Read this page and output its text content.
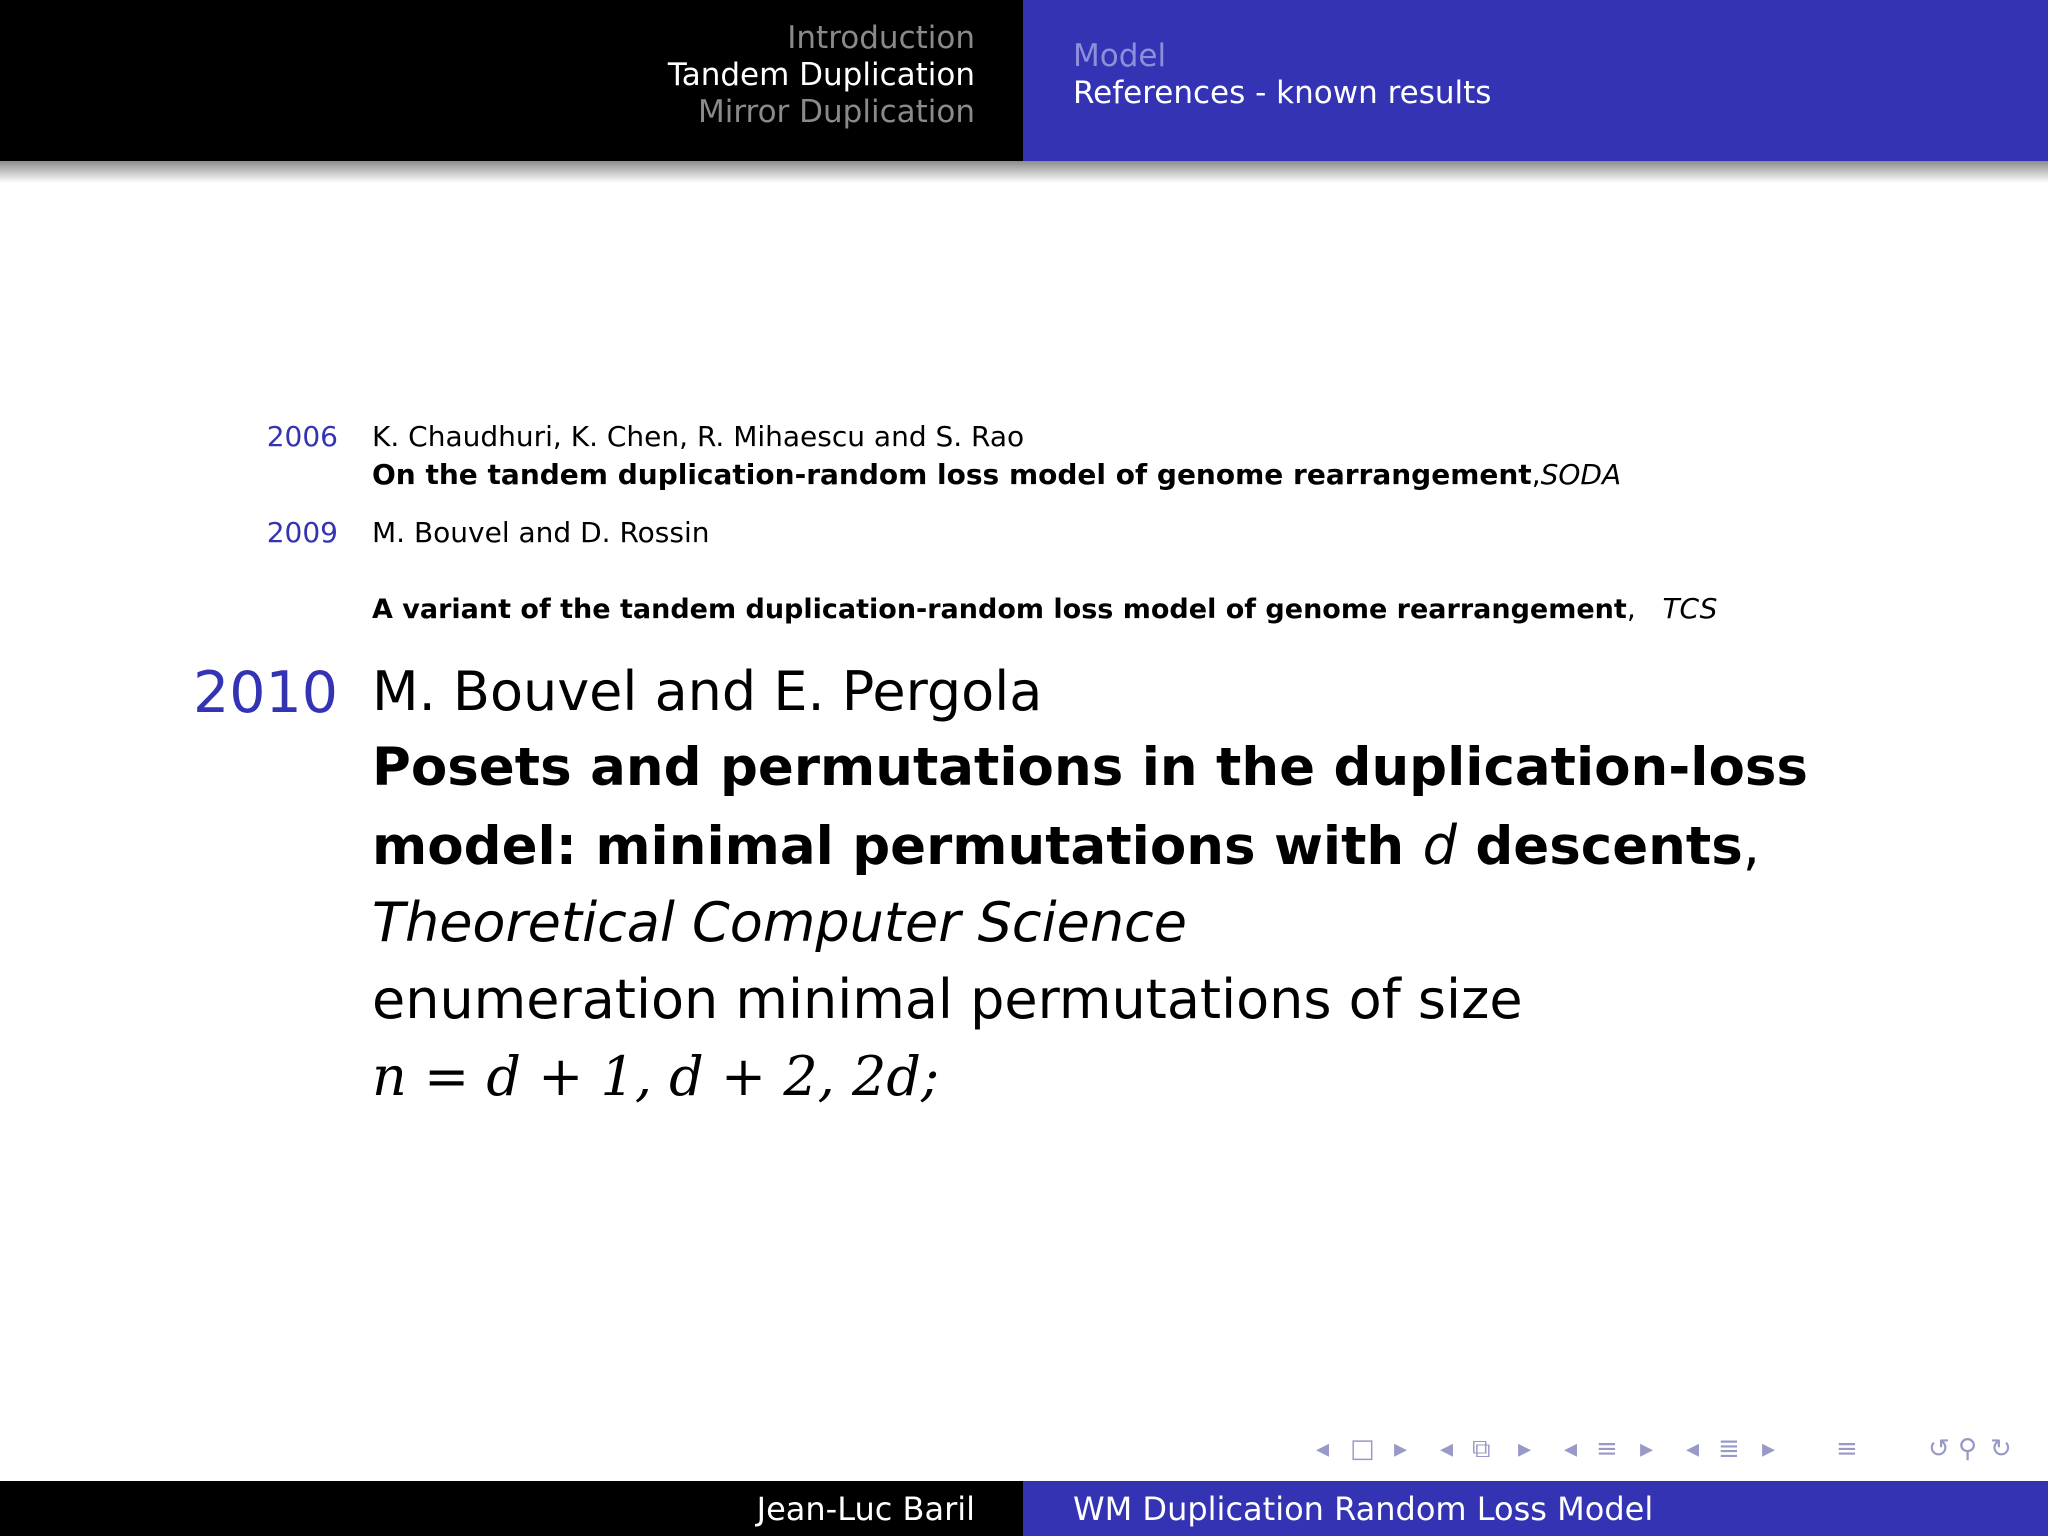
Introduction
Tandem Duplication
Mirror Duplication
Model
References - known results
2006 K. Chaudhuri, K. Chen, R. Mihaescu and S. Rao
On the tandem duplication-random loss model of genome rearrangement,SODA
2009 M. Bouvel and D. Rossin
A variant of the tandem duplication-random loss model of genome rearrangement,   TCS
2010 M. Bouvel and E. Pergola
Posets and permutations in the duplication-loss
model: minimal permutations with d descents,
Theoretical Computer Science
enumeration minimal permutations of size
n = d + 1, d + 2, 2d;
◂ □ ▸ ◂ ⧉ ▸ ◂ ≡ ▸ ◂ ≣ ▸ ≡	↺ ⚲ ↻
Jean-Luc Baril	WM Duplication Random Loss Model
